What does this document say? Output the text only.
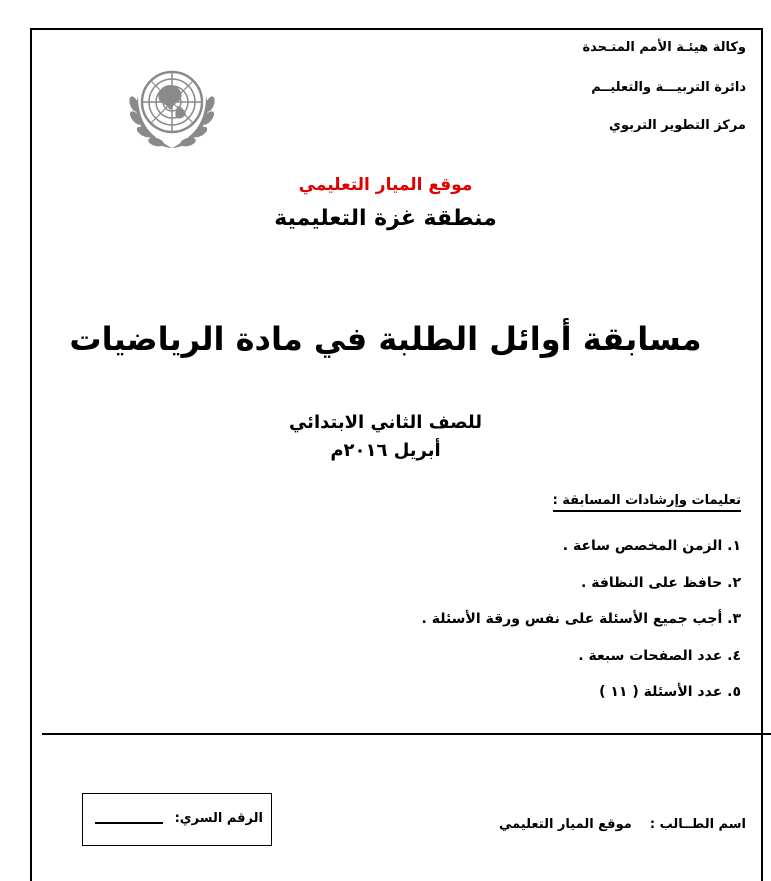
وكالة هيئـة الأمم المتـحدة
دائرة التربيـــة والتعليــم
مركز التطوير التربوي
موقع الميار التعليمي
منطقة غزة التعليمية
مسابقة أوائل الطلبة في مادة الرياضيات
للصف الثاني الابتدائي
أبريل ٢٠١٦م
تعليمات وإرشادات المسابقة :
١. الزمن المخصص ساعة .
٢. حافظ على النظافة .
٣. أجب جميع الأسئلة على نفس ورقة الأسئلة .
٤. عدد الصفحات سبعة .
٥. عدد الأسئلة ( ١١ )
الرقم السري:	اسم الطــالب :    موقع الميار التعليمي
